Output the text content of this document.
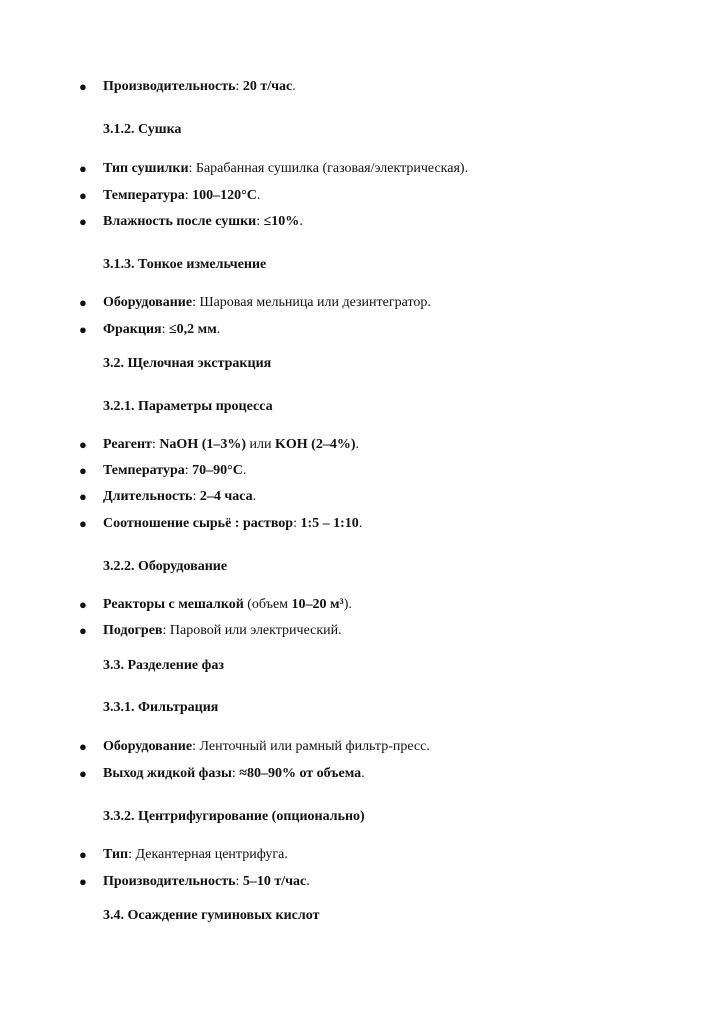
● Производительность: 20 т/час.
3.1.2. Сушка
● Тип сушилки: Барабанная сушилка (газовая/электрическая).
● Температура: 100–120°C.
● Влажность после сушки: ≤10%.
3.1.3. Тонкое измельчение
● Оборудование: Шаровая мельница или дезинтегратор.
● Фракция: ≤0,2 мм.
3.2. Щелочная экстракция
3.2.1. Параметры процесса
● Реагент: NaOH (1–3%) или KOH (2–4%).
● Температура: 70–90°C.
● Длительность: 2–4 часа.
● Соотношение сырьё : раствор: 1:5 – 1:10.
3.2.2. Оборудование
● Реакторы с мешалкой (объем 10–20 м³).
● Подогрев: Паровой или электрический.
3.3. Разделение фаз
3.3.1. Фильтрация
● Оборудование: Ленточный или рамный фильтр-пресс.
● Выход жидкой фазы: ≈80–90% от объема.
3.3.2. Центрифугирование (опционально)
● Тип: Декантерная центрифуга.
● Производительность: 5–10 т/час.
3.4. Осаждение гуминовых кислот
